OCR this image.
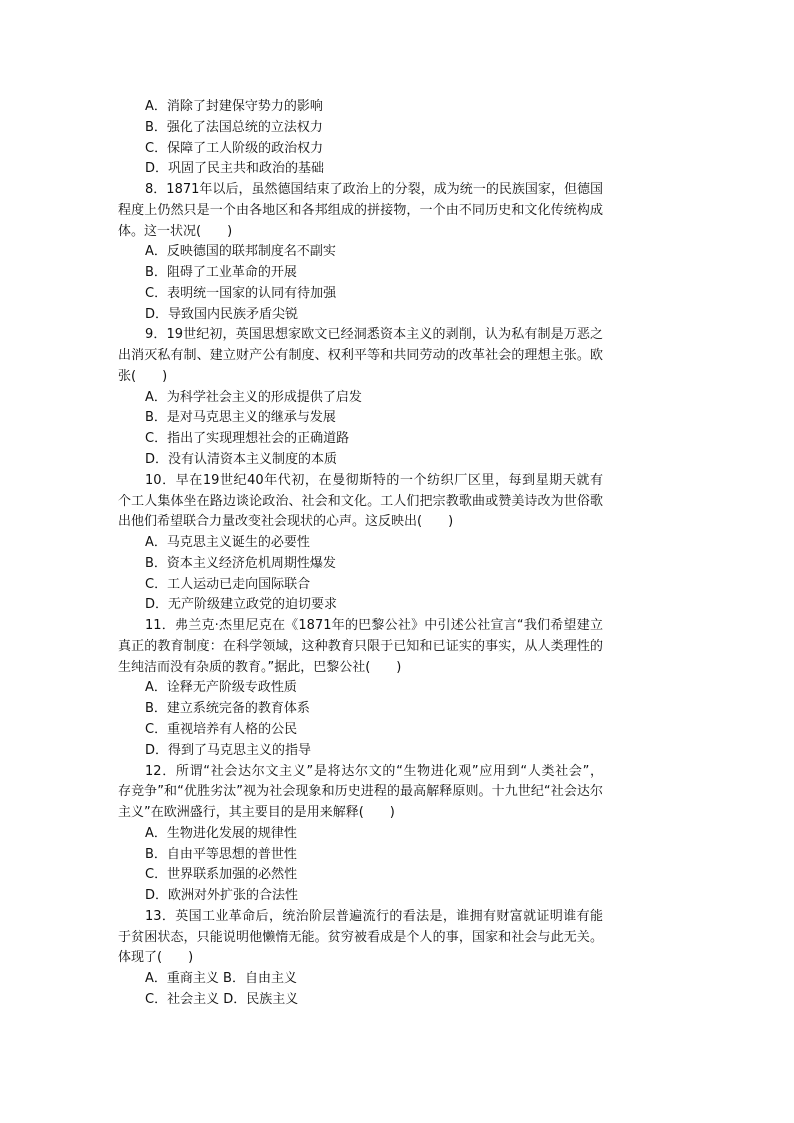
A．消除了封建保守势力的影响
B．强化了法国总统的立法权力
C．保障了工人阶级的政治权力
D．巩固了民主共和政治的基础
8．1871年以后，虽然德国结束了政治上的分裂，成为统一的民族国家，但德国
程度上仍然只是一个由各地区和各邦组成的拼接物，一个由不同历史和文化传统构成
体。这一状况(　　)
A．反映德国的联邦制度名不副实
B．阻碍了工业革命的开展
C．表明统一国家的认同有待加强
D．导致国内民族矛盾尖锐
9．19世纪初，英国思想家欧文已经洞悉资本主义的剥削，认为私有制是万恶之
出消灭私有制、建立财产公有制度、权利平等和共同劳动的改革社会的理想主张。欧
张(　　)
A．为科学社会主义的形成提供了启发
B．是对马克思主义的继承与发展
C．指出了实现理想社会的正确道路
D．没有认清资本主义制度的本质
10．早在19世纪40年代初，在曼彻斯特的一个纺织厂区里，每到星期天就有
个工人集体坐在路边谈论政治、社会和文化。工人们把宗教歌曲或赞美诗改为世俗歌
出他们希望联合力量改变社会现状的心声。这反映出(　　)
A．马克思主义诞生的必要性
B．资本主义经济危机周期性爆发
C．工人运动已走向国际联合
D．无产阶级建立政党的迫切要求
11．弗兰克·杰里尼克在《1871年的巴黎公社》中引述公社宣言“我们希望建立
真正的教育制度：在科学领域，这种教育只限于已知和已证实的事实，从人类理性的
生纯洁而没有杂质的教育。”据此，巴黎公社(　　)
A．诠释无产阶级专政性质
B．建立系统完备的教育体系
C．重视培养有人格的公民
D．得到了马克思主义的指导
12．所谓“社会达尔文主义”是将达尔文的“生物进化观”应用到“人类社会”，
存竞争”和“优胜劣汰”视为社会现象和历史进程的最高解释原则。十九世纪“社会达尔
主义”在欧洲盛行，其主要目的是用来解释(　　)
A．生物进化发展的规律性
B．自由平等思想的普世性
C．世界联系加强的必然性
D．欧洲对外扩张的合法性
13．英国工业革命后，统治阶层普遍流行的看法是，谁拥有财富就证明谁有能
于贫困状态，只能说明他懒惰无能。贫穷被看成是个人的事，国家和社会与此无关。
体现了(　　)
A．重商主义 B．自由主义
C．社会主义 D．民族主义
